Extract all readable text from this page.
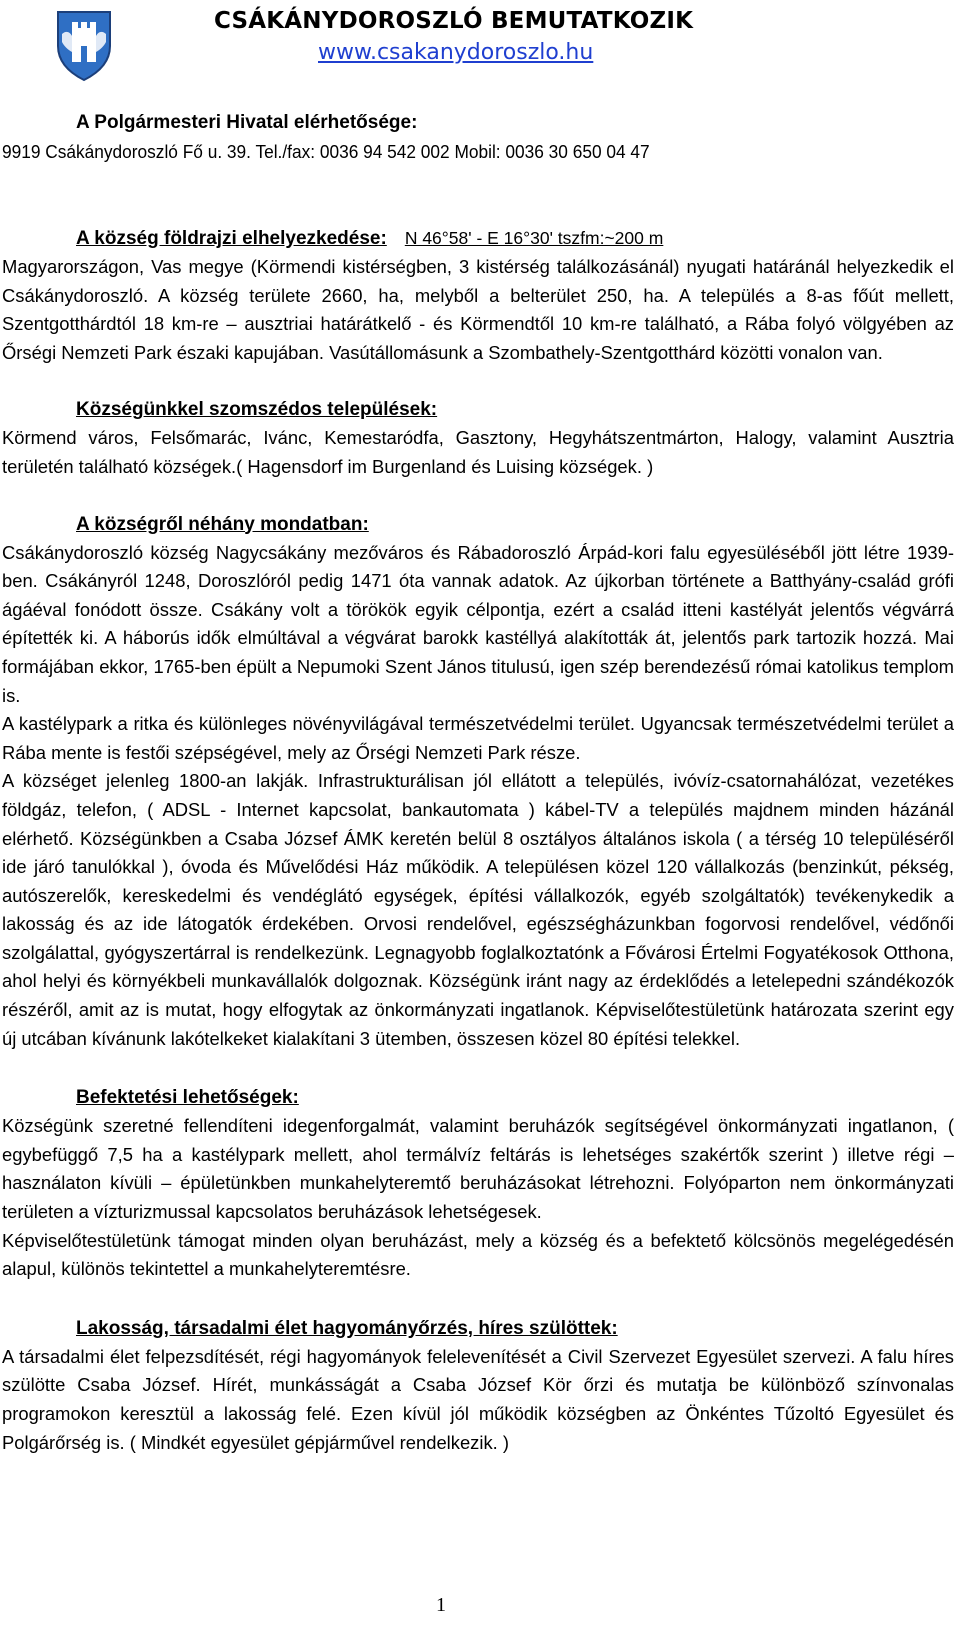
CSÁKÁNYDOROSZLÓ BEMUTATKOZIK
www.csakanydoroszlo.hu

A Polgármesteri Hivatal elérhetősége:

9919 Csákánydoroszló Fő u. 39. Tel./fax: 0036 94 542 002 Mobil: 0036 30 650 04 47

A község földrajzi elhelyezkedése: N 46°58' - E 16°30' tszfm:~200 m

Magyarországon, Vas megye (Körmendi kistérségben, 3 kistérség találkozásánál) nyugati határánál helyezkedik el Csákánydoroszló. A község területe 2660, ha, melyből a belterület 250, ha. A település a 8-as főút mellett, Szentgotthárdtól 18 km-re – ausztriai határátkelő - és Körmendtől 10 km-re található, a Rába folyó völgyében az Őrségi Nemzeti Park északi kapujában. Vasútállomásunk a Szombathely-Szentgotthárd közötti vonalon van.

Községünkkel szomszédos települések:

Körmend város, Felsőmarác, Ivánc, Kemestaródfa, Gasztony, Hegyhátszentmárton, Halogy, valamint Ausztria területén található községek.( Hagensdorf im Burgenland és Luising községek. )

A községről néhány mondatban:

Csákánydoroszló község Nagycsákány mezőváros és Rábadoroszló Árpád-kori falu egyesüléséből jött létre 1939-ben. Csákányról 1248, Doroszlóról pedig 1471 óta vannak adatok. Az újkorban története a Batthyány-család grófi ágáéval fonódott össze. Csákány volt a törökök egyik célpontja, ezért a család itteni kastélyát jelentős végvárrá építették ki. A háborús idők elmúltával a végvárat barokk kastéllyá alakították át, jelentős park tartozik hozzá. Mai formájában ekkor, 1765-ben épült a Nepumoki Szent János titulusú, igen szép berendezésű római katolikus templom is.

A kastélypark a ritka és különleges növényvilágával természetvédelmi terület. Ugyancsak természetvédelmi terület a Rába mente is festői szépségével, mely az Őrségi Nemzeti Park része.

A községet jelenleg 1800-an lakják. Infrastrukturálisan jól ellátott a település, ivóvíz-csatornahálózat, vezetékes földgáz, telefon, ( ADSL - Internet kapcsolat, bankautomata ) kábel-TV a település majdnem minden házánál elérhető. Községünkben a Csaba József ÁMK keretén belül 8 osztályos általános iskola ( a térség 10 településéről ide járó tanulókkal ), óvoda és Művelődési Ház működik. A településen közel 120 vállalkozás (benzinkút, pékség, autószerelők, kereskedelmi és vendéglátó egységek, építési vállalkozók, egyéb szolgáltatók) tevékenykedik a lakosság és az ide látogatók érdekében. Orvosi rendelővel, egészségházunkban fogorvosi rendelővel, védőnői szolgálattal, gyógyszertárral is rendelkezünk. Legnagyobb foglalkoztatónk a Fővárosi Értelmi Fogyatékosok Otthona, ahol helyi és környékbeli munkavállalók dolgoznak. Községünk iránt nagy az érdeklődés a letelepedni szándékozók részéről, amit az is mutat, hogy elfogytak az önkormányzati ingatlanok. Képviselőtestületünk határozata szerint egy új utcában kívánunk lakótelkeket kialakítani 3 ütemben, összesen közel 80 építési telekkel.

Befektetési lehetőségek:

Községünk szeretné fellendíteni idegenforgalmát, valamint beruházók segítségével önkormányzati ingatlanon, ( egybefüggő 7,5 ha a kastélypark mellett, ahol termálvíz feltárás is lehetséges szakértők szerint ) illetve régi – használaton kívüli – épületünkben munkahelyteremtő beruházásokat létrehozni. Folyóparton nem önkormányzati területen a vízturizmussal kapcsolatos beruházások lehetségesek.

Képviselőtestületünk támogat minden olyan beruházást, mely a község és a befektető kölcsönös megelégedésén alapul, különös tekintettel a munkahelyteremtésre.

Lakosság, társadalmi élet hagyományőrzés, híres szülöttek:

A társadalmi élet felpezsdítését, régi hagyományok felelevenítését a Civil Szervezet Egyesület szervezi. A falu híres szülötte Csaba József. Hírét, munkásságát a Csaba József Kör őrzi és mutatja be különböző színvonalas programokon keresztül a lakosság felé. Ezen kívül jól működik községben az Önkéntes Tűzoltó Egyesület és Polgárőrség is. ( Mindkét egyesület gépjárművel rendelkezik. )

1
